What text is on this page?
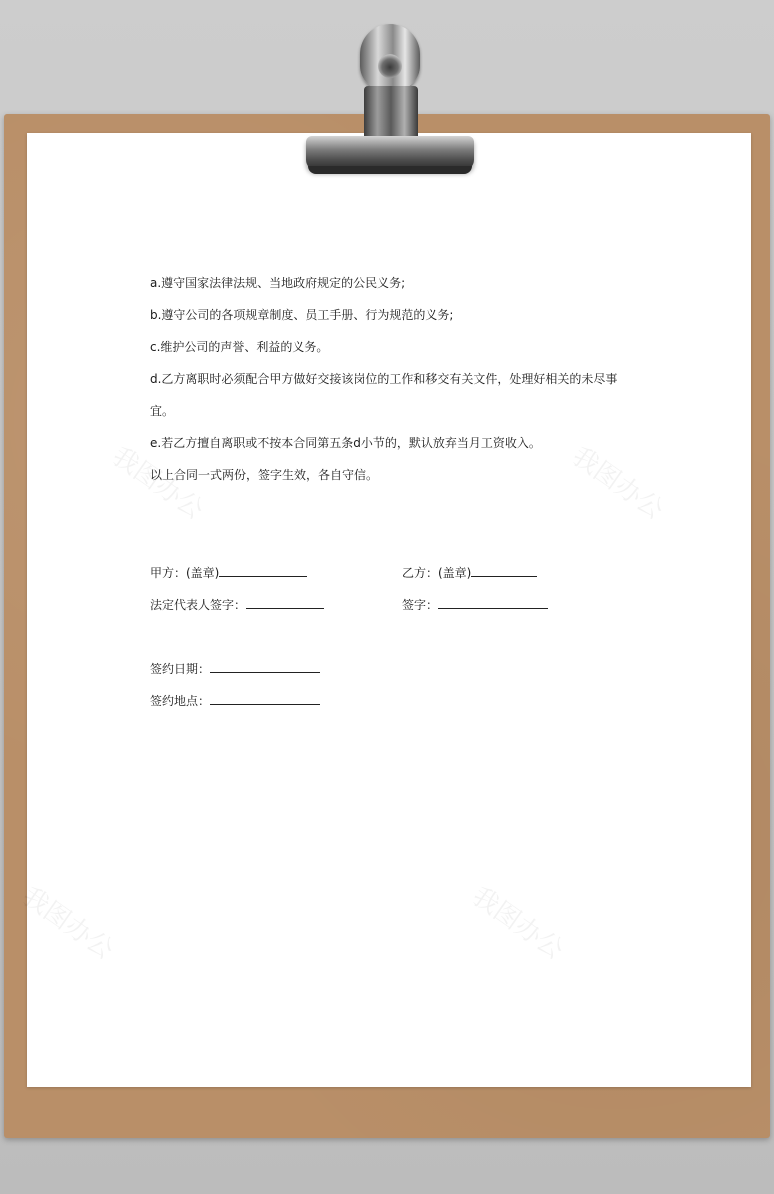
我图办公	我图办公
我图办公	我图办公
a.遵守国家法律法规、当地政府规定的公民义务;
b.遵守公司的各项规章制度、员工手册、行为规范的义务;
c.维护公司的声誉、利益的义务。
d.乙方离职时必须配合甲方做好交接该岗位的工作和移交有关文件，处理好相关的未尽事
宜。
e.若乙方擅自离职或不按本合同第五条d小节的，默认放弃当月工资收入。
以上合同一式两份，签字生效，各自守信。
甲方：(盖章)	乙方：(盖章)
法定代表人签字：	签字：
签约日期：
签约地点：
